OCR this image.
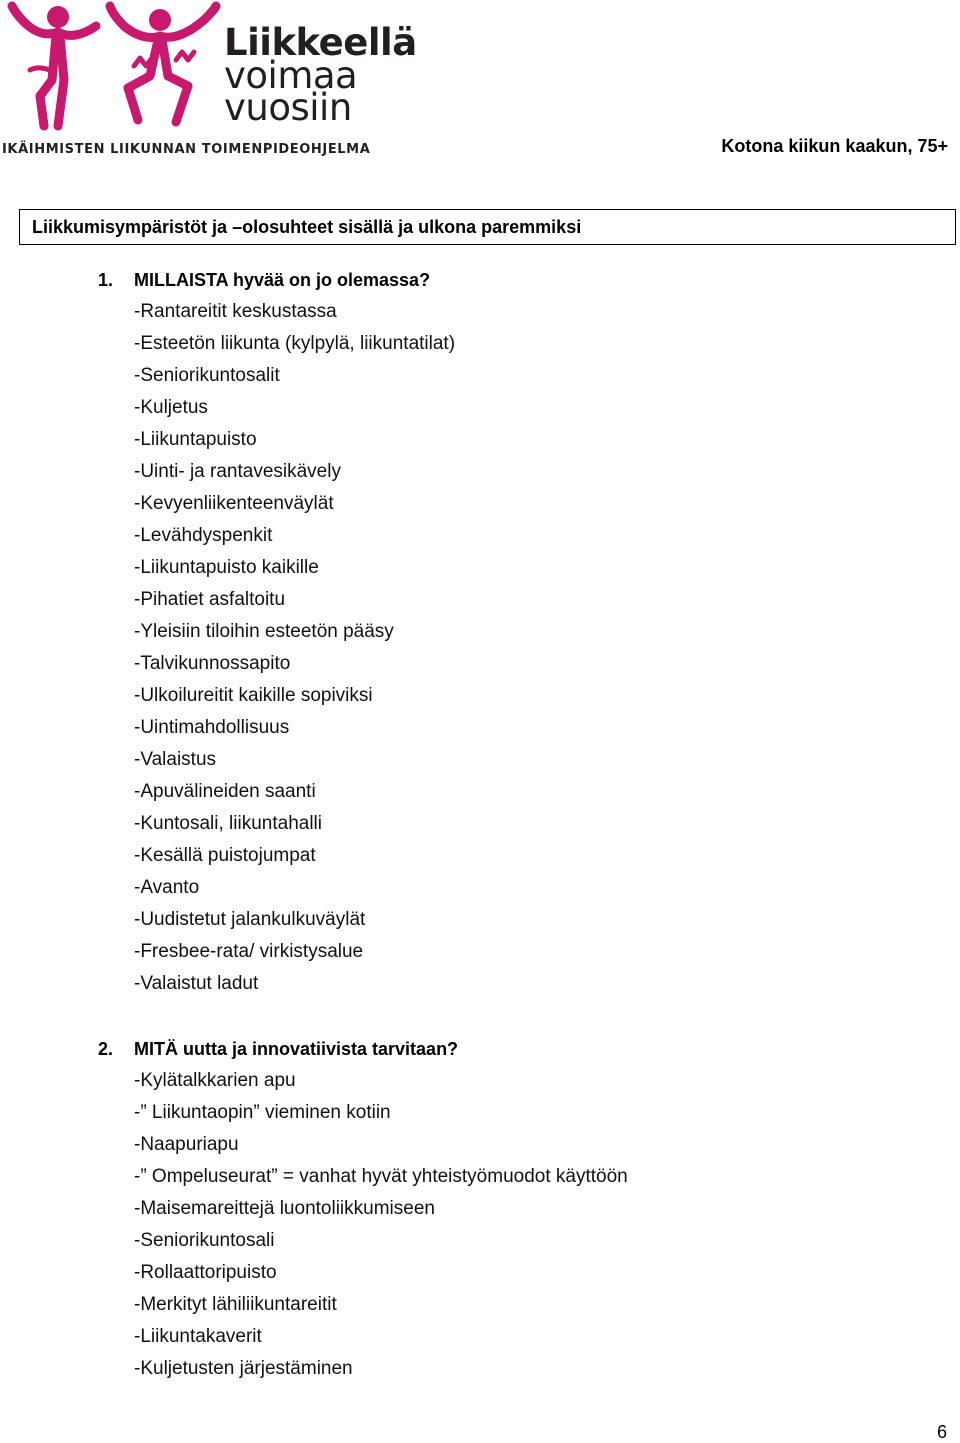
Liikkeellä
voimaa
vuosiin
IKÄIHMISTEN LIIKUNNAN TOIMENPIDEOHJELMA	Kotona kiikun kaakun, 75+
Liikkumisympäristöt ja –olosuhteet sisällä ja ulkona paremmiksi
1. MILLAISTA hyvää on jo olemassa?
-Rantareitit keskustassa
-Esteetön liikunta (kylpylä, liikuntatilat)
-Seniorikuntosalit
-Kuljetus
-Liikuntapuisto
-Uinti- ja rantavesikävely
-Kevyenliikenteenväylät
-Levähdyspenkit
-Liikuntapuisto kaikille
-Pihatiet asfaltoitu
-Yleisiin tiloihin esteetön pääsy
-Talvikunnossapito
-Ulkoilureitit kaikille sopiviksi
-Uintimahdollisuus
-Valaistus
-Apuvälineiden saanti
-Kuntosali, liikuntahalli
-Kesällä puistojumpat
-Avanto
-Uudistetut jalankulkuväylät
-Fresbee-rata/ virkistysalue
-Valaistut ladut
2. MITÄ uutta ja innovatiivista tarvitaan?
-Kylätalkkarien apu
-” Liikuntaopin” vieminen kotiin
-Naapuriapu
-” Ompeluseurat” = vanhat hyvät yhteistyömuodot käyttöön
-Maisemareittejä luontoliikkumiseen
-Seniorikuntosali
-Rollaattoripuisto
-Merkityt lähiliikuntareitit
-Liikuntakaverit
-Kuljetusten järjestäminen
6
